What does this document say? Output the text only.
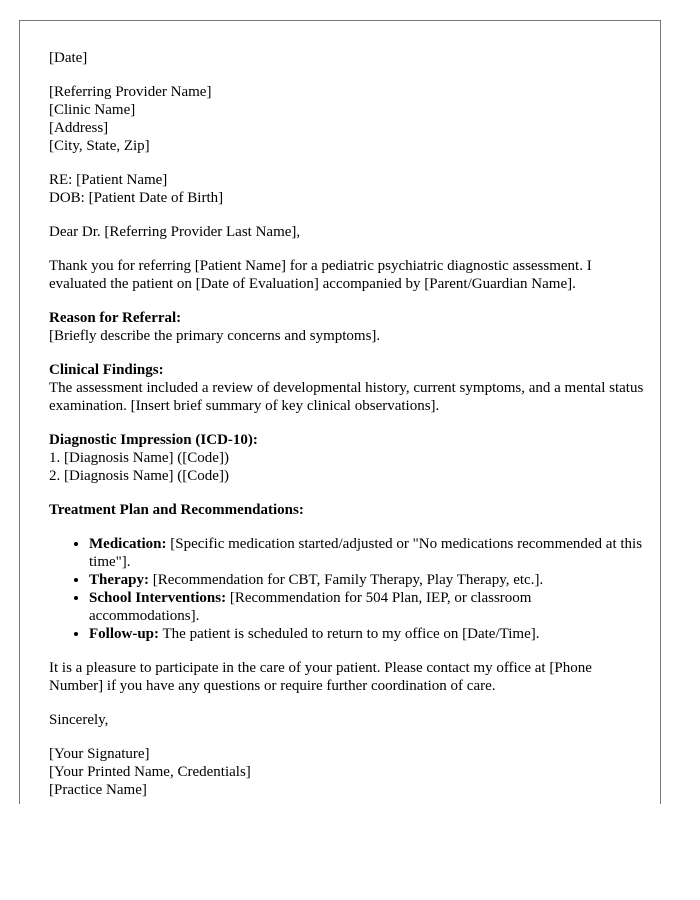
[Date]

[Referring Provider Name]
[Clinic Name]
[Address]
[City, State, Zip]

RE: [Patient Name]
DOB: [Patient Date of Birth]

Dear Dr. [Referring Provider Last Name],

Thank you for referring [Patient Name] for a pediatric psychiatric diagnostic assessment. I evaluated the patient on [Date of Evaluation] accompanied by [Parent/Guardian Name].

Reason for Referral:
[Briefly describe the primary concerns and symptoms].

Clinical Findings:
The assessment included a review of developmental history, current symptoms, and a mental status examination. [Insert brief summary of key clinical observations].

Diagnostic Impression (ICD-10):
1. [Diagnosis Name] ([Code])
2. [Diagnosis Name] ([Code])

Treatment Plan and Recommendations:

• Medication: [Specific medication started/adjusted or "No medications recommended at this time"].
• Therapy: [Recommendation for CBT, Family Therapy, Play Therapy, etc.].
• School Interventions: [Recommendation for 504 Plan, IEP, or classroom accommodations].
• Follow-up: The patient is scheduled to return to my office on [Date/Time].

It is a pleasure to participate in the care of your patient. Please contact my office at [Phone Number] if you have any questions or require further coordination of care.

Sincerely,

[Your Signature]
[Your Printed Name, Credentials]
[Practice Name]
